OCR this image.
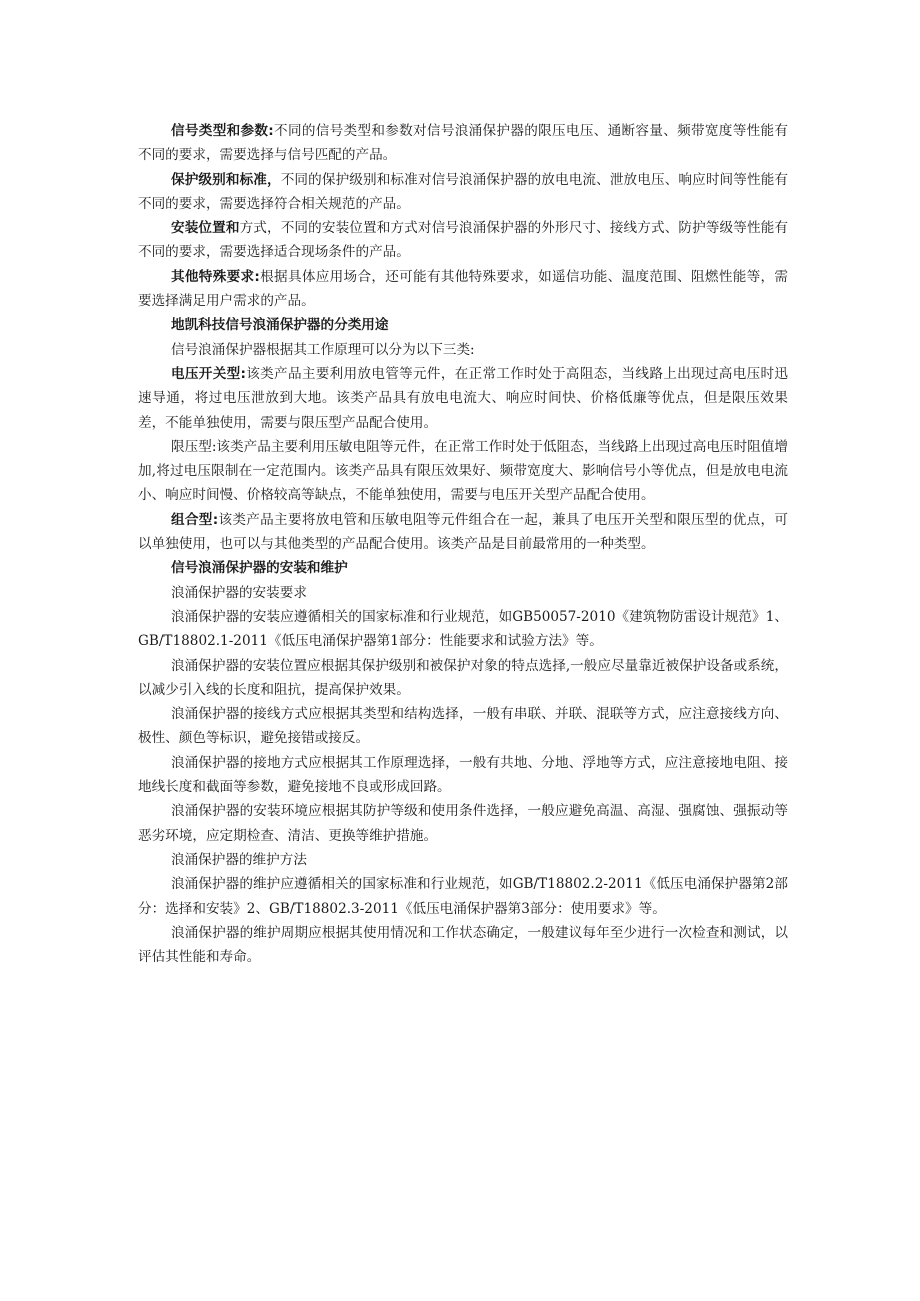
信号类型和参数:不同的信号类型和参数对信号浪涌保护器的限压电压、通断容量、频带宽度等性能有不同的要求，需要选择与信号匹配的产品。

保护级别和标准，不同的保护级别和标准对信号浪涌保护器的放电电流、泄放电压、响应时间等性能有不同的要求，需要选择符合相关规范的产品。

安装位置和方式，不同的安装位置和方式对信号浪涌保护器的外形尺寸、接线方式、防护等级等性能有不同的要求，需要选择适合现场条件的产品。

其他特殊要求:根据具体应用场合，还可能有其他特殊要求，如遥信功能、温度范围、阻燃性能等，需要选择满足用户需求的产品。

地凯科技信号浪涌保护器的分类用途

信号浪涌保护器根据其工作原理可以分为以下三类:

电压开关型:该类产品主要利用放电管等元件，在正常工作时处于高阻态，当线路上出现过高电压时迅速导通，将过电压泄放到大地。该类产品具有放电电流大、响应时间快、价格低廉等优点，但是限压效果差，不能单独使用，需要与限压型产品配合使用。

限压型:该类产品主要利用压敏电阻等元件，在正常工作时处于低阻态，当线路上出现过高电压时阻值增加,将过电压限制在一定范围内。该类产品具有限压效果好、频带宽度大、影响信号小等优点，但是放电电流小、响应时间慢、价格较高等缺点，不能单独使用，需要与电压开关型产品配合使用。

组合型:该类产品主要将放电管和压敏电阻等元件组合在一起，兼具了电压开关型和限压型的优点，可以单独使用，也可以与其他类型的产品配合使用。该类产品是目前最常用的一种类型。

信号浪涌保护器的安装和维护

浪涌保护器的安装要求

浪涌保护器的安装应遵循相关的国家标准和行业规范，如GB50057-2010《建筑物防雷设计规范》1、GB/T18802.1-2011《低压电涌保护器第1部分：性能要求和试验方法》等。

浪涌保护器的安装位置应根据其保护级别和被保护对象的特点选择,一般应尽量靠近被保护设备或系统，以减少引入线的长度和阻抗，提高保护效果。

浪涌保护器的接线方式应根据其类型和结构选择，一般有串联、并联、混联等方式，应注意接线方向、极性、颜色等标识，避免接错或接反。

浪涌保护器的接地方式应根据其工作原理选择，一般有共地、分地、浮地等方式，应注意接地电阻、接地线长度和截面等参数，避免接地不良或形成回路。

浪涌保护器的安装环境应根据其防护等级和使用条件选择，一般应避免高温、高湿、强腐蚀、强振动等恶劣环境，应定期检查、清洁、更换等维护措施。

浪涌保护器的维护方法

浪涌保护器的维护应遵循相关的国家标准和行业规范，如GB/T18802.2-2011《低压电涌保护器第2部分：选择和安装》2、GB/T18802.3-2011《低压电涌保护器第3部分：使用要求》等。

浪涌保护器的维护周期应根据其使用情况和工作状态确定，一般建议每年至少进行一次检查和测试，以评估其性能和寿命。
